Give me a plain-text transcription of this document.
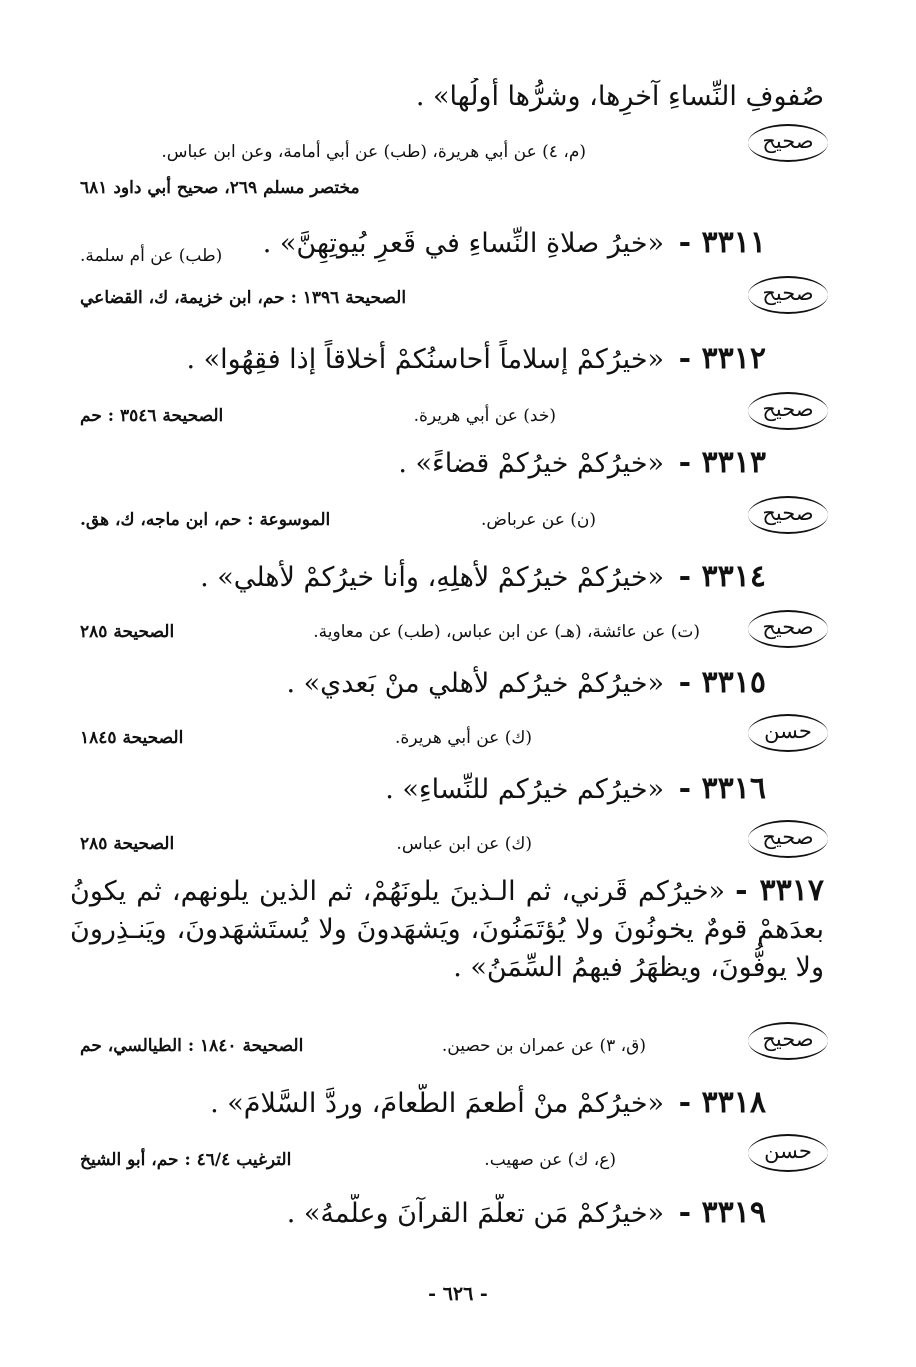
صُفوفِ النِّساءِ آخرِها، وشرُّها أولُها» .
صحيح
(م، ٤) عن أبي هريرة، (طب) عن أبي أمامة، وعن ابن عباس.
مختصر مسلم ٢٦٩، صحيح أبي داود ٦٨١
٣٣١١ - «خيرُ صلاةِ النِّساءِ في قَعرِ بُيوتِهِنَّ» .
(طب) عن أم سلمة.
صحيح
الصحيحة ١٣٩٦ : حم، ابن خزيمة، ك، القضاعي
٣٣١٢ - «خيرُكمْ إسلاماً أحاسنُكمْ أخلاقاً إذا فقِهُوا» .
صحيح
(خد) عن أبي هريرة.
الصحيحة ٣٥٤٦ : حم
٣٣١٣ - «خيرُكمْ خيرُكمْ قضاءً» .
صحيح
(ن) عن عرباض.
الموسوعة : حم، ابن ماجه، ك، هق.
٣٣١٤ - «خيرُكمْ خيرُكمْ لأهلِهِ، وأنا خيرُكمْ لأهلي» .
صحيح
(ت) عن عائشة، (هـ) عن ابن عباس، (طب) عن معاوية.
الصحيحة ٢٨٥
٣٣١٥ - «خيرُكمْ خيرُكم لأهلي منْ بَعدي» .
حسن
(ك) عن أبي هريرة.
الصحيحة ١٨٤٥
٣٣١٦ - «خيرُكم خيرُكم للنِّساءِ» .
صحيح
(ك) عن ابن عباس.
الصحيحة ٢٨٥
٣٣١٧ - «خيرُكم قَرني، ثم الـذينَ يلونَهُمْ، ثم الذين يلونهم، ثم يكونُ بعدَهمْ قومٌ يخونُونَ ولا يُؤتَمَنُونَ، ويَشهَدونَ ولا يُستَشهَدونَ، ويَنـذِرونَ ولا يوفُّونَ، ويظهَرُ فيهمُ السِّمَنُ» .
صحيح
(ق، ٣) عن عمران بن حصين.
الصحيحة ١٨٤٠ : الطيالسي، حم
٣٣١٨ - «خيرُكمْ منْ أطعمَ الطَّعامَ، وردَّ السَّلامَ» .
حسن
(ع، ك) عن صهيب.
الترغيب ٤٦/٤ : حم، أبو الشيخ
٣٣١٩ - «خيرُكمْ مَن تعلَّمَ القرآنَ وعلَّمهُ» .
- ٦٢٦ -
